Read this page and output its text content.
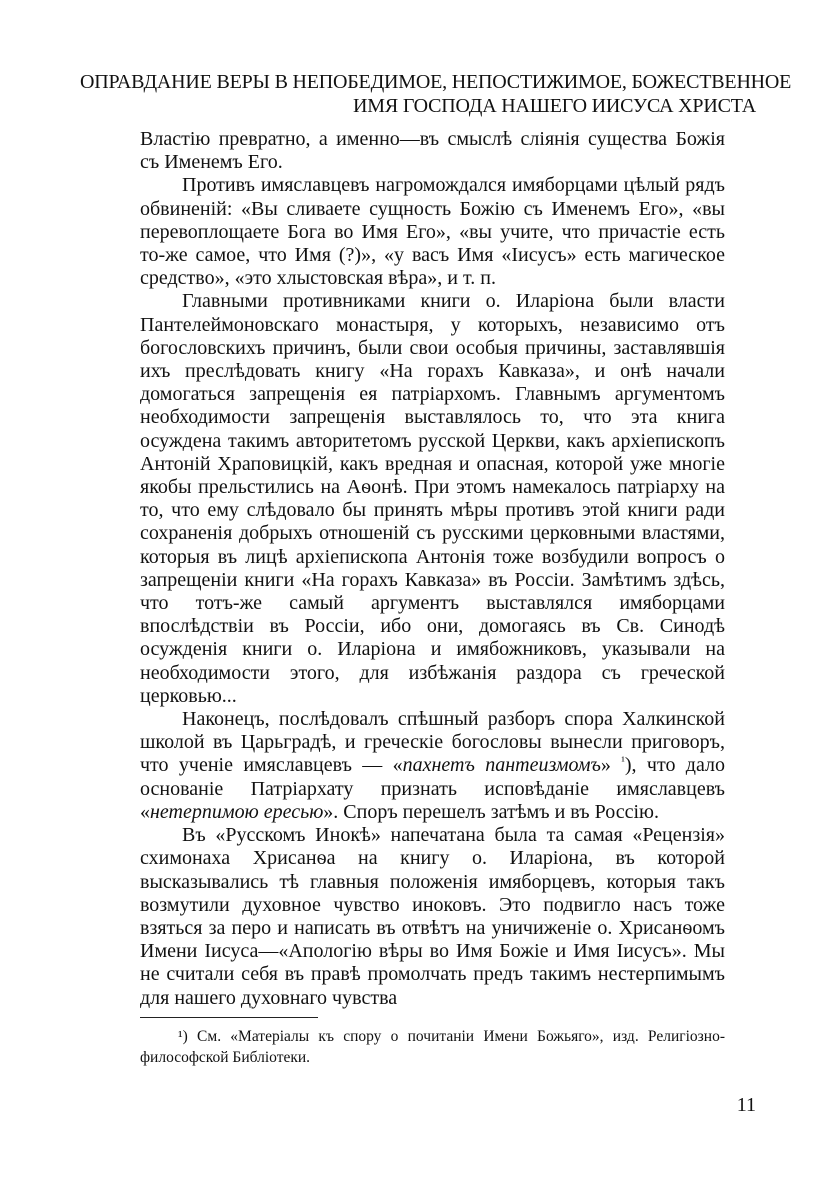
ОПРАВДАНИЕ ВЕРЫ В НЕПОБЕДИМОЕ, НЕПОСТИЖИМОЕ, БОЖЕСТВЕННОЕ
ИМЯ ГОСПОДА НАШЕГО ИИСУСА ХРИСТА

Властію превратно, а именно—въ смыслѣ сліянія существа Божія съ Именемъ Его.

Противъ имяславцевъ нагромождался имяборцами цѣлый рядъ обвиненій: «Вы сливаете сущность Божію съ Именемъ Его», «вы перевоплощаете Бога во Имя Его», «вы учите, что причастіе есть то-же самое, что Имя (?)», «у васъ Имя «Іисусъ» есть магическое средство», «это хлыстовская вѣра», и т. п.

Главными противниками книги о. Иларіона были власти Пантелеймоновскаго монастыря, у которыхъ, независимо отъ богословскихъ причинъ, были свои особыя причины, заставлявшія ихъ преслѣдовать книгу «На горахъ Кавказа», и онѣ начали домогаться запрещенія ея патріархомъ. Главнымъ аргументомъ необходимости запрещенія выставлялось то, что эта книга осуждена такимъ авторитетомъ русской Церкви, какъ архіепископъ Антоній Храповицкій, какъ вредная и опасная, которой уже многіе якобы прельстились на Аѳонѣ. При этомъ намекалось патріарху на то, что ему слѣдовало бы принять мѣры противъ этой книги ради сохраненія добрыхъ отношеній съ русскими церковными властями, которыя въ лицѣ архіепископа Антонія тоже возбудили вопросъ о запрещеніи книги «На горахъ Кавказа» въ Россіи. Замѣтимъ здѣсь, что тотъ-же самый аргументъ выставлялся имяборцами впослѣдствіи въ Россіи, ибо они, домогаясь въ Св. Синодѣ осужденія книги о. Иларіона и имябожниковъ, указывали на необходимости этого, для избѣжанія раздора съ греческой церковью...

Наконецъ, послѣдовалъ спѣшный разборъ спора Халкинской школой въ Царьградѣ, и греческіе богословы вынесли приговоръ, что ученіе имяславцевъ — «пахнетъ пантеизмомъ» $^{^1}$), что дало основаніе Патріархату признать исповѣданіе имяславцевъ «нетерпимою ересью». Споръ перешелъ затѣмъ и въ Россію.

Въ «Русскомъ Инокѣ» напечатана была та самая «Рецензія» схимонаха Хрисанѳа на книгу о. Иларіона, въ которой высказывались тѣ главныя положенія имяборцевъ, которыя такъ возмутили духовное чувство иноковъ. Это подвигло насъ тоже взяться за перо и написать въ отвѣтъ на уничиженіе о. Хрисанѳомъ Имени Іисуса—«Апологію вѣры во Имя Божіе и Имя Іисусъ». Мы не считали себя въ правѣ промолчать предъ такимъ нестерпимымъ для нашего духовнаго чувства

¹) См. «Матеріалы къ спору о почитаніи Имени Божьяго», изд. Религіозно-философской Библіотеки.
11
